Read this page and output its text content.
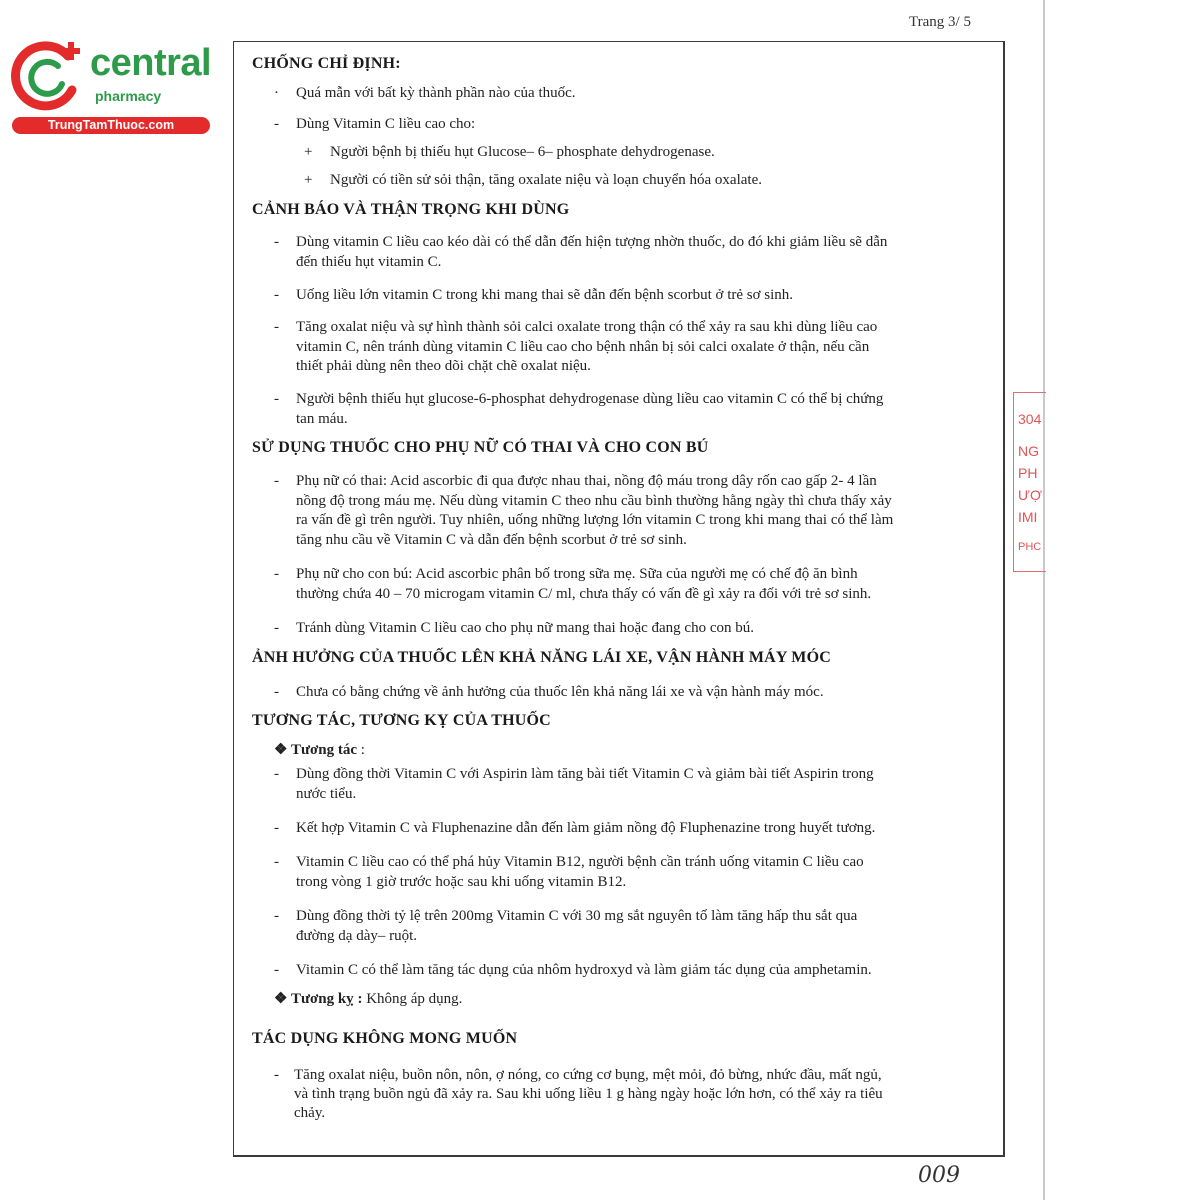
central
pharmacy
TrungTamThuoc.com
Trang 3/ 5
CHỐNG CHỈ ĐỊNH:
· Quá mẫn với bất kỳ thành phần nào của thuốc.
- Dùng Vitamin C liều cao cho:
+ Người bệnh bị thiếu hụt Glucose– 6– phosphate dehydrogenase.
+ Người có tiền sử sỏi thận, tăng oxalate niệu và loạn chuyển hóa oxalate.
CẢNH BÁO VÀ THẬN TRỌNG KHI DÙNG
- Dùng vitamin C liều cao kéo dài có thể dẫn đến hiện tượng nhờn thuốc, do đó khi giảm liều sẽ dẫn
đến thiếu hụt vitamin C.
- Uống liều lớn vitamin C trong khi mang thai sẽ dẫn đến bệnh scorbut ở trẻ sơ sinh.
- Tăng oxalat niệu và sự hình thành sỏi calci oxalate trong thận có thể xảy ra sau khi dùng liều cao
vitamin C, nên tránh dùng vitamin C liều cao cho bệnh nhân bị sỏi calci oxalate ở thận, nếu cần
thiết phải dùng nên theo dõi chặt chẽ oxalat niệu.
- Người bệnh thiếu hụt glucose-6-phosphat dehydrogenase dùng liều cao vitamin C có thể bị chứng
tan máu.
SỬ DỤNG THUỐC CHO PHỤ NỮ CÓ THAI VÀ CHO CON BÚ
- Phụ nữ có thai: Acid ascorbic đi qua được nhau thai, nồng độ máu trong dây rốn cao gấp 2- 4 lần
nồng độ trong máu mẹ. Nếu dùng vitamin C theo nhu cầu bình thường hằng ngày thì chưa thấy xảy
ra vấn đề gì trên người. Tuy nhiên, uống những lượng lớn vitamin C trong khi mang thai có thể làm
tăng nhu cầu về Vitamin C và dẫn đến bệnh scorbut ở trẻ sơ sinh.
- Phụ nữ cho con bú: Acid ascorbic phân bố trong sữa mẹ. Sữa của người mẹ có chế độ ăn bình
thường chứa 40 – 70 microgam vitamin C/ ml, chưa thấy có vấn đề gì xảy ra đối với trẻ sơ sinh.
- Tránh dùng Vitamin C liều cao cho phụ nữ mang thai hoặc đang cho con bú.
ẢNH HƯỞNG CỦA THUỐC LÊN KHẢ NĂNG LÁI XE, VẬN HÀNH MÁY MÓC
- Chưa có bằng chứng về ảnh hưởng của thuốc lên khả năng lái xe và vận hành máy móc.
TƯƠNG TÁC, TƯƠNG KỴ CỦA THUỐC
❖ Tương tác :
- Dùng đồng thời Vitamin C với Aspirin làm tăng bài tiết Vitamin C và giảm bài tiết Aspirin trong
nước tiểu.
- Kết hợp Vitamin C và Fluphenazine dẫn đến làm giảm nồng độ Fluphenazine trong huyết tương.
- Vitamin C liều cao có thể phá hủy Vitamin B12, người bệnh cần tránh uống vitamin C liều cao
trong vòng 1 giờ trước hoặc sau khi uống vitamin B12.
- Dùng đồng thời tỷ lệ trên 200mg Vitamin C với 30 mg sắt nguyên tố làm tăng hấp thu sắt qua
đường dạ dày– ruột.
- Vitamin C có thể làm tăng tác dụng của nhôm hydroxyd và làm giảm tác dụng của amphetamin.
❖ Tương kỵ : Không áp dụng.
TÁC DỤNG KHÔNG MONG MUỐN
- Tăng oxalat niệu, buồn nôn, nôn, ợ nóng, co cứng cơ bụng, mệt mỏi, đỏ bừng, nhức đầu, mất ngủ,
và tình trạng buồn ngủ đã xảy ra. Sau khi uống liều 1 g hàng ngày hoặc lớn hơn, có thể xảy ra tiêu
chảy.
304
NG
PH
ƯỢ
IMI
PHC
009
